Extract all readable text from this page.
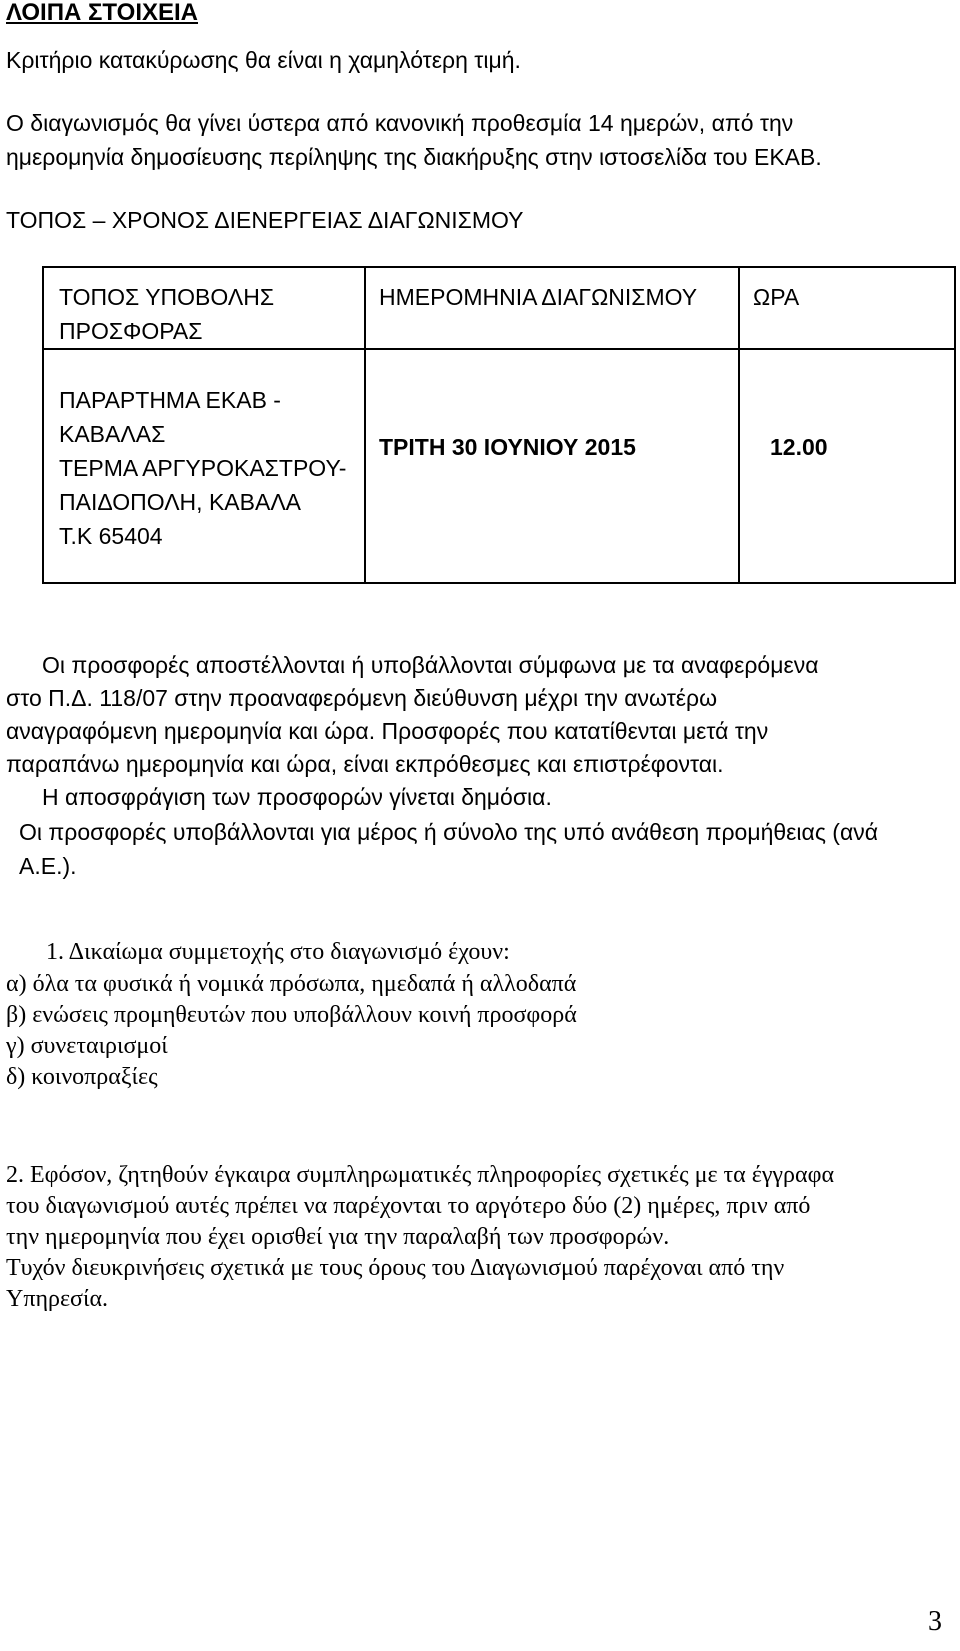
ΛΟΙΠΑ ΣΤΟΙΧΕΙΑ
Κριτήριο κατακύρωσης θα είναι η χαμηλότερη τιμή.
Ο διαγωνισμός θα γίνει ύστερα από κανονική προθεσμία 14 ημερών, από την
ημερομηνία δημοσίευσης περίληψης της διακήρυξης στην ιστοσελίδα του ΕΚΑΒ.
ΤΟΠΟΣ – ΧΡΟΝΟΣ ΔΙΕΝΕΡΓΕΙΑΣ ΔΙΑΓΩΝΙΣΜΟΥ
ΤΟΠΟΣ ΥΠΟΒΟΛΗΣ
ΠΡΟΣΦΟΡΑΣ	ΗΜΕΡΟΜΗΝΙΑ ΔΙΑΓΩΝΙΣΜΟΥ	ΩΡΑ

ΠΑΡΑΡΤΗΜΑ ΕΚΑΒ -
ΚΑΒΑΛΑΣ
ΤΕΡΜΑ ΑΡΓΥΡΟΚΑΣΤΡΟΥ-
ΠΑΙΔΟΠΟΛΗ, ΚΑΒΑΛΑ
Τ.Κ 65404	ΤΡΙΤΗ 30 ΙΟΥΝΙΟΥ 2015	12.00
Οι προσφορές αποστέλλονται ή υποβάλλονται σύμφωνα με τα αναφερόμενα
στο Π.Δ. 118/07 στην προαναφερόμενη διεύθυνση μέχρι την ανωτέρω
αναγραφόμενη ημερομηνία και ώρα. Προσφορές που κατατίθενται μετά την
παραπάνω ημερομηνία και ώρα, είναι εκπρόθεσμες και επιστρέφονται.
Η αποσφράγιση των προσφορών γίνεται δημόσια.
Οι προσφορές υποβάλλονται για μέρος ή σύνολο της υπό ανάθεση προμήθειας (ανά
Α.Ε.).
1. Δικαίωμα συμμετοχής στο διαγωνισμό έχουν:
α) όλα τα φυσικά ή νομικά πρόσωπα, ημεδαπά ή αλλοδαπά
β) ενώσεις προμηθευτών που υποβάλλουν κοινή προσφορά
γ) συνεταιρισμοί
δ) κοινοπραξίες
2. Εφόσον, ζητηθούν έγκαιρα συμπληρωματικές πληροφορίες σχετικές με τα έγγραφα
του διαγωνισμού αυτές πρέπει να παρέχονται το αργότερο δύο (2) ημέρες, πριν από
την ημερομηνία που έχει ορισθεί για την παραλαβή των προσφορών.
Τυχόν διευκρινήσεις σχετικά με τους όρους του Διαγωνισμού παρέχοναι από την
Υπηρεσία.
3
